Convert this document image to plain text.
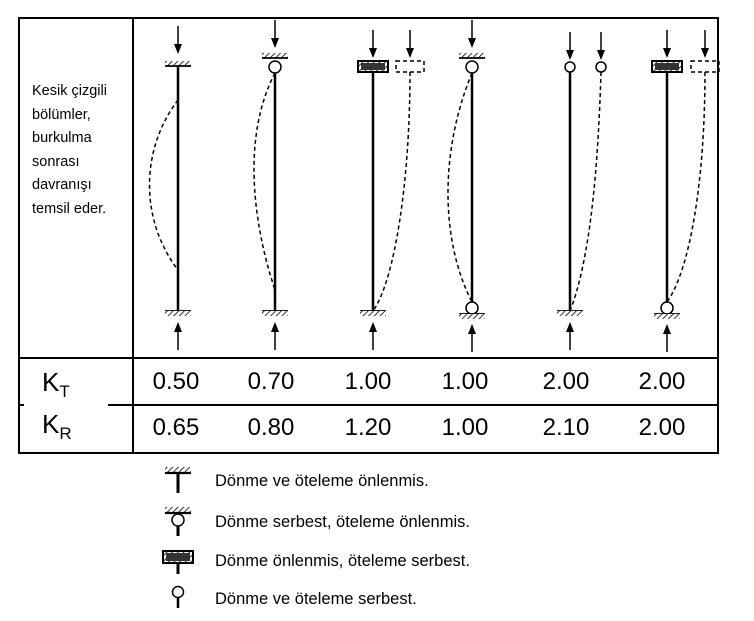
Kesik çizgili bölümler, burkulma sonrası davranışı temsil eder.
$K_T$
$K_R$
0.50	0.70	1.00	1.00	2.00	2.00
0.65	0.80	1.20	1.00	2.10	2.00
Dönme ve öteleme önlenmis.
Dönme serbest, öteleme önlenmis.
Dönme önlenmis, öteleme serbest.
Dönme ve öteleme serbest.
